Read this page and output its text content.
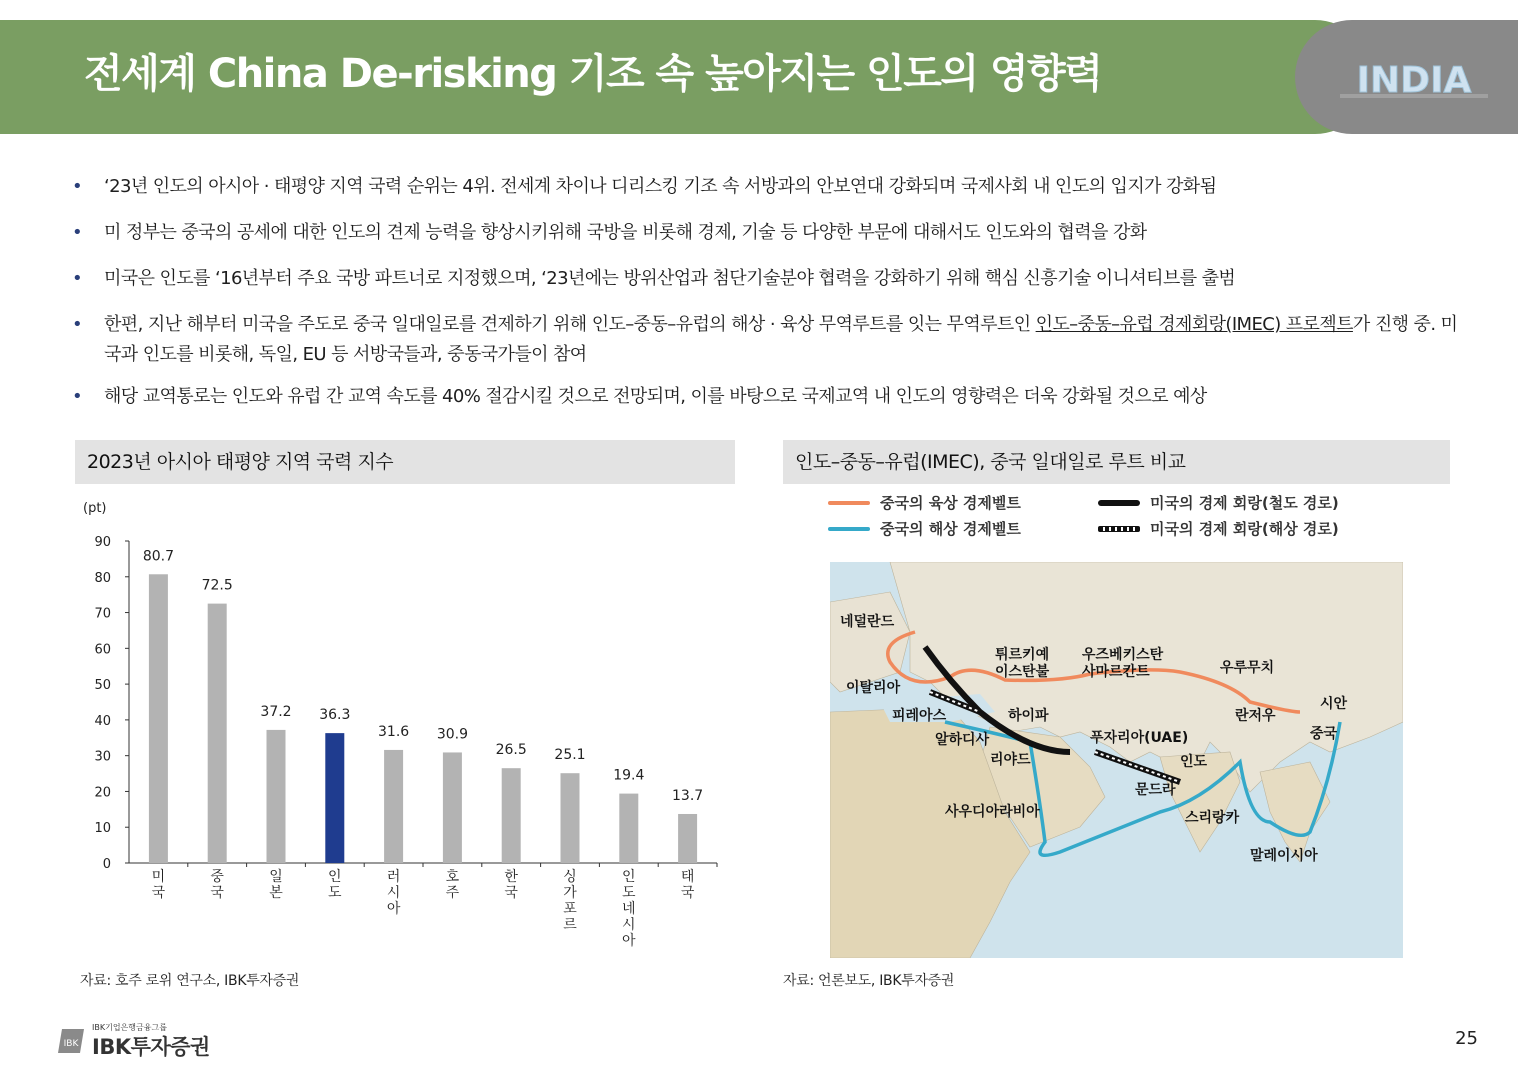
전세계 China De-risking 기조 속 높아지는 인도의 영향력	INDIA
• ‘23년 인도의 아시아 · 태평양 지역 국력 순위는 4위. 전세계 차이나 디리스킹 기조 속 서방과의 안보연대 강화되며 국제사회 내 인도의 입지가 강화됨
• 미 정부는 중국의 공세에 대한 인도의 견제 능력을 향상시키위해 국방을 비롯해 경제, 기술 등 다양한 부문에 대해서도 인도와의 협력을 강화
• 미국은 인도를 ‘16년부터 주요 국방 파트너로 지정했으며, ‘23년에는 방위산업과 첨단기술분야 협력을 강화하기 위해 핵심 신흥기술 이니셔티브를 출범
• 한편, 지난 해부터 미국을 주도로 중국 일대일로를 견제하기 위해 인도–중동–유럽의 해상 · 육상 무역루트를 잇는 무역루트인 인도–중동–유럽 경제회랑(IMEC) 프로젝트가 진행 중. 미국과 인도를 비롯해, 독일, EU 등 서방국들과, 중동국가들이 참여
• 해당 교역통로는 인도와 유럽 간 교역 속도를 40% 절감시킬 것으로 전망되며, 이를 바탕으로 국제교역 내 인도의 영향력은 더욱 강화될 것으로 예상
2023년 아시아 태평양 지역 국력 지수
(pt)
0
10
20
30
40
50
60
70
80
90
80.7
미 국
72.5
중 국
37.2
일 본
36.3
인 도
31.6
러 시 아
30.9
호 주
26.5
한 국
25.1
싱 가 포 르
19.4
인 도 네 시 아
13.7
태 국
자료: 호주 로위 연구소, IBK투자증권
인도–중동–유럽(IMEC), 중국 일대일로 루트 비교
중국의 육상 경제벨트
중국의 해상 경제벨트
미국의 경제 회랑(철도 경로)
미국의 경제 회랑(해상 경로)
네덜란드
이탈리아
피레아스
튀르키예 이스탄불
우즈베키스탄 사마르칸트	우루무치
시안
란저우
중국
하이파
알하디사
리야드
푸자리아(UAE)
인도
문드라
사우디아라비아	스리랑카
말레이시아
자료: 언론보도, IBK투자증권
IBK
IBK기업은행금융그룹
IBK투자증권	25
